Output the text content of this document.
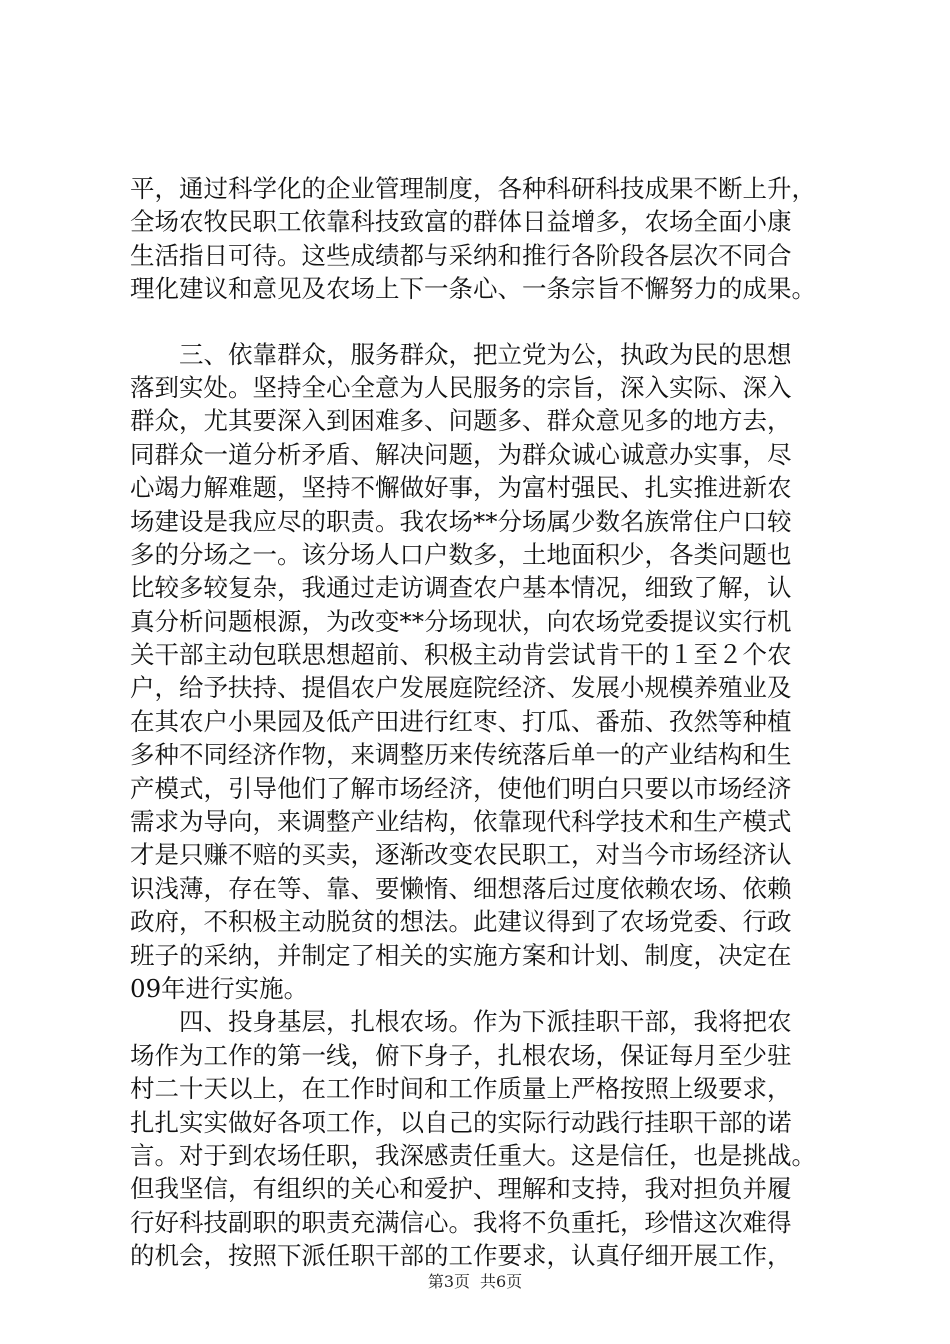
平，通过科学化的企业管理制度，各种科研科技成果不断上升，
全场农牧民职工依靠科技致富的群体日益增多，农场全面小康
生活指日可待。这些成绩都与采纳和推行各阶段各层次不同合
理化建议和意见及农场上下一条心、一条宗旨不懈努力的成果。
　　三、依靠群众，服务群众，把立党为公，执政为民的思想
落到实处。坚持全心全意为人民服务的宗旨，深入实际、深入
群众，尤其要深入到困难多、问题多、群众意见多的地方去，
同群众一道分析矛盾、解决问题，为群众诚心诚意办实事，尽
心竭力解难题，坚持不懈做好事，为富村强民、扎实推进新农
场建设是我应尽的职责。我农场**分场属少数名族常住户口较
多的分场之一。该分场人口户数多，土地面积少，各类问题也
比较多较复杂，我通过走访调查农户基本情况，细致了解，认
真分析问题根源，为改变**分场现状，向农场党委提议实行机
关干部主动包联思想超前、积极主动肯尝试肯干的１至２个农
户，给予扶持、提倡农户发展庭院经济、发展小规模养殖业及
在其农户小果园及低产田进行红枣、打瓜、番茄、孜然等种植
多种不同经济作物，来调整历来传统落后单一的产业结构和生
产模式，引导他们了解市场经济，使他们明白只要以市场经济
需求为导向，来调整产业结构，依靠现代科学技术和生产模式
才是只赚不赔的买卖，逐渐改变农民职工，对当今市场经济认
识浅薄，存在等、靠、要懒惰、细想落后过度依赖农场、依赖
政府，不积极主动脱贫的想法。此建议得到了农场党委、行政
班子的采纳，并制定了相关的实施方案和计划、制度，决定在
09年进行实施。
　　四、投身基层，扎根农场。作为下派挂职干部，我将把农
场作为工作的第一线，俯下身子，扎根农场，保证每月至少驻
村二十天以上，在工作时间和工作质量上严格按照上级要求，
扎扎实实做好各项工作，以自己的实际行动践行挂职干部的诺
言。对于到农场任职，我深感责任重大。这是信任，也是挑战。
但我坚信，有组织的关心和爱护、理解和支持，我对担负并履
行好科技副职的职责充满信心。我将不负重托，珍惜这次难得
的机会，按照下派任职干部的工作要求，认真仔细开展工作，
第3页 共6页
